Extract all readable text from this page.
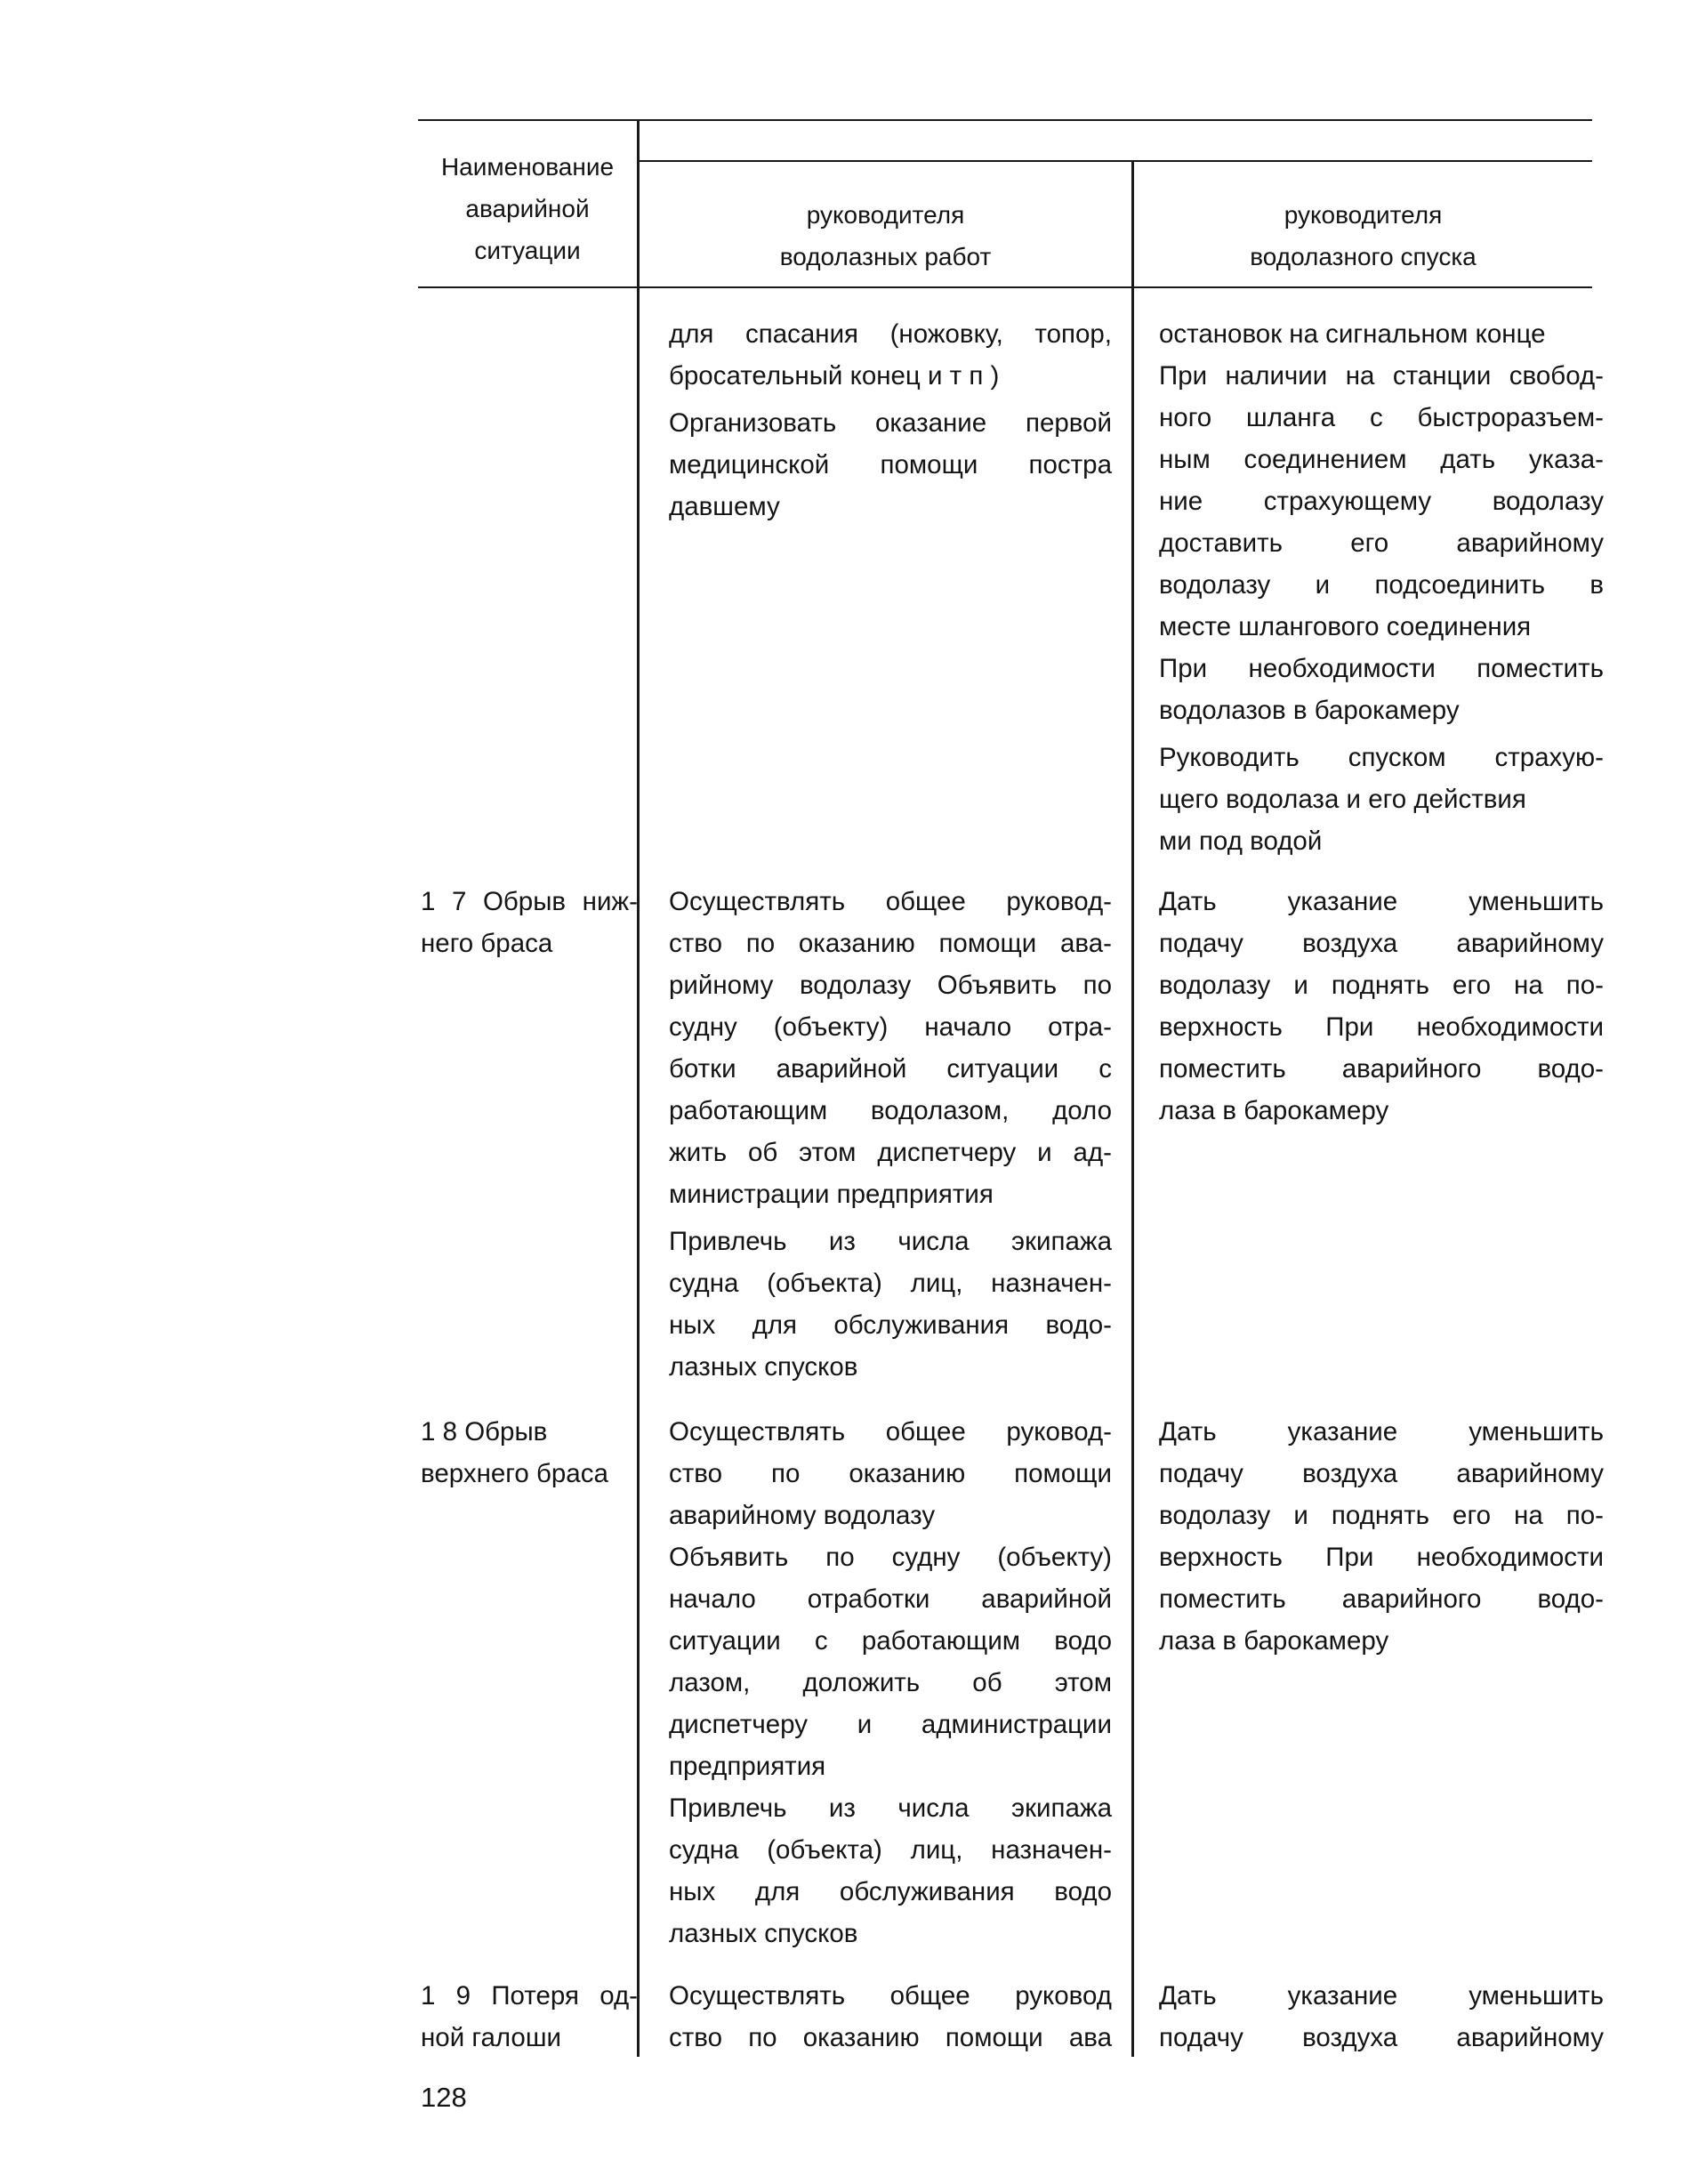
Наименование
аварийной
ситуации
руководителя
водолазных работ
руководителя
водолазного спуска
для спасания (ножовку, топор,
бросательный конец и т п )
Организовать оказание первой
медицинской помощи постра
давшему
остановок на сигнальном конце
При наличии на станции свобод-
ного шланга с быстроразъем-
ным соединением дать указа-
ние страхующему водолазу
доставить его аварийному
водолазу и подсоединить в
месте шлангового соединения
При необходимости поместить
водолазов в барокамеру
Руководить спуском страхую-
щего водолаза и его действия
ми под водой
1 7 Обрыв ниж-
него браса
Осуществлять общее руковод-
ство по оказанию помощи ава-
рийному водолазу Объявить по
судну (объекту) начало отра-
ботки аварийной ситуации с
работающим водолазом, доло
жить об этом диспетчеру и ад-
министрации предприятия
Привлечь из числа экипажа
судна (объекта) лиц, назначен-
ных для обслуживания водо-
лазных спусков
Дать указание уменьшить
подачу воздуха аварийному
водолазу и поднять его на по-
верхность При необходимости
поместить аварийного водо-
лаза в барокамеру
1 8 Обрыв
верхнего браса
Осуществлять общее руковод-
ство по оказанию помощи
аварийному водолазу
Объявить по судну (объекту)
начало отработки аварийной
ситуации с работающим водо
лазом, доложить об этом
диспетчеру и администрации
предприятия
Привлечь из числа экипажа
судна (объекта) лиц, назначен-
ных для обслуживания водо
лазных спусков
Дать указание уменьшить
подачу воздуха аварийному
водолазу и поднять его на по-
верхность При необходимости
поместить аварийного водо-
лаза в барокамеру
1 9 Потеря од-
ной галоши
Осуществлять общее руковод
ство по оказанию помощи ава
Дать указание уменьшить
подачу воздуха аварийному
128
